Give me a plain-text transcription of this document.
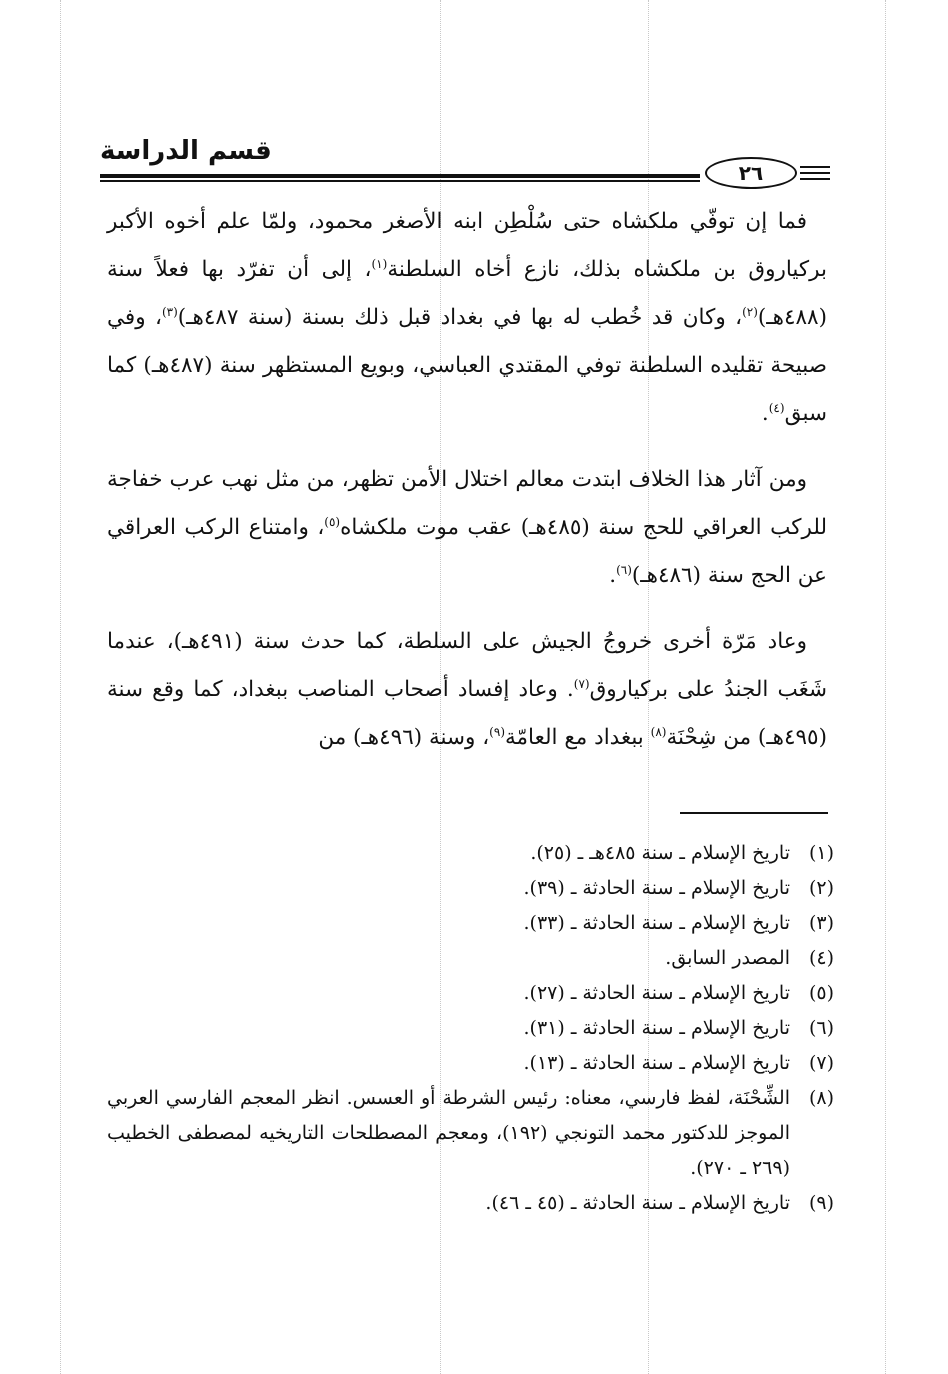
قسم الدراسة
٢٦

فما إن توفّي ملكشاه حتى سُلْطِن ابنه الأصغر محمود، ولمّا علم أخوه الأكبر بركياروق بن ملكشاه بذلك، نازع أخاه السلطنة$^{(١)}$، إلى أن تفرّد بها فعلاً سنة (٤٨٨هـ)$^{(٢)}$، وكان قد خُطب له بها في بغداد قبل ذلك بسنة (سنة ٤٨٧هـ)$^{(٣)}$، وفي صبيحة تقليده السلطنة توفي المقتدي العباسي، وبويع المستظهر سنة (٤٨٧هـ) كما سبق$^{(٤)}$.

ومن آثار هذا الخلاف ابتدت معالم اختلال الأمن تظهر، من مثل نهب عرب خفاجة للركب العراقي للحج سنة (٤٨٥هـ) عقب موت ملكشاه$^{(٥)}$، وامتناع الركب العراقي عن الحج سنة (٤٨٦هـ)$^{(٦)}$.

وعاد مَرّة أخرى خروجُ الجيش على السلطة، كما حدث سنة (٤٩١هـ)، عندما شَغَب الجندُ على بركياروق$^{(٧)}$. وعاد إفساد أصحاب المناصب ببغداد، كما وقع سنة (٤٩٥هـ) من شِحْنَة$^{(٨)}$ ببغداد مع العامّة$^{(٩)}$، وسنة (٤٩٦هـ) من

(١)
تاريخ الإسلام ـ سنة ٤٨٥هـ ـ (٢٥).
(٢)
تاريخ الإسلام ـ سنة الحادثة ـ (٣٩).
(٣)
تاريخ الإسلام ـ سنة الحادثة ـ (٣٣).
(٤)
المصدر السابق.
(٥)
تاريخ الإسلام ـ سنة الحادثة ـ (٢٧).
(٦)
تاريخ الإسلام ـ سنة الحادثة ـ (٣١).
(٧)
تاريخ الإسلام ـ سنة الحادثة ـ (١٣).
(٨)
الشِّحْنَة، لفظ فارسي، معناه: رئيس الشرطة أو العسس. انظر المعجم الفارسي العربي الموجز للدكتور محمد التونجي (١٩٢)، ومعجم المصطلحات التاريخيه لمصطفى الخطيب (٢٦٩ ـ ٢٧٠).
(٩)
تاريخ الإسلام ـ سنة الحادثة ـ (٤٥ ـ ٤٦).
